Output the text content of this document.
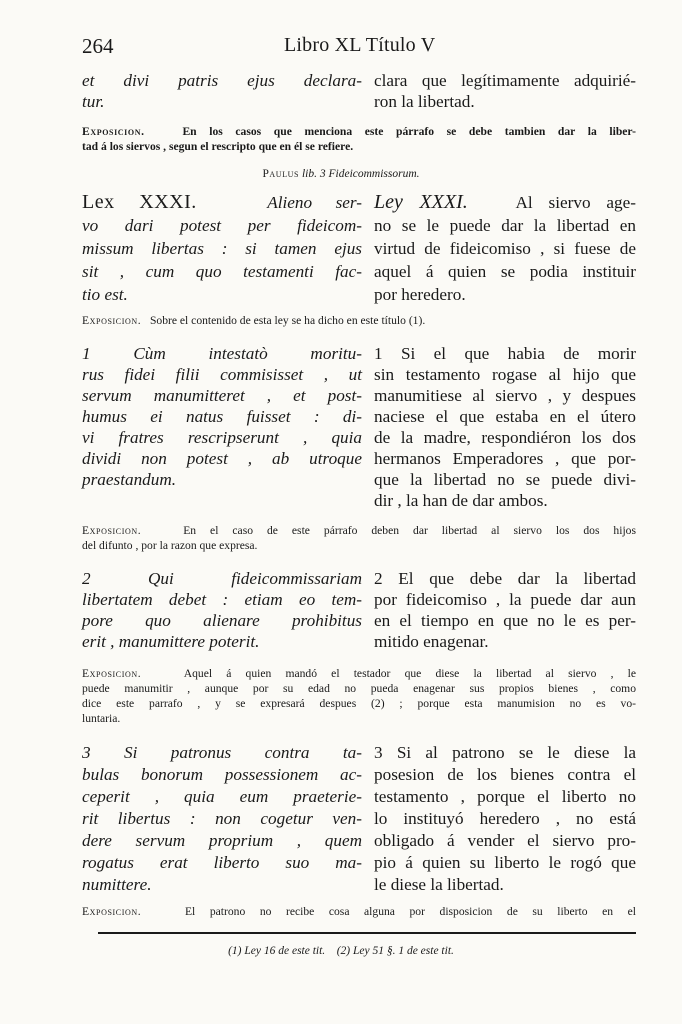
264	Libro XL Título V
et divi patris ejus declara-
tur.
clara que legítimamente adquirié-
ron la libertad.
Exposicion.	En los casos que menciona este párrafo se debe tambien dar la liber-
tad á los siervos , segun el rescripto que en él se refiere.
Paulus lib. 3 Fideicommissorum.
Lex XXXI.	Alieno ser-
vo dari potest per fideicom-
missum libertas : si tamen ejus
sit , cum quo testamenti fac-
tio est.
Ley XXXI.	Al siervo age-
no se le puede dar la libertad en
virtud de fideicomiso , si fuese de
aquel á quien se podia instituir
por heredero.
Exposicion. Sobre el contenido de esta ley se ha dicho en este título (1).
1 Cùm intestatò moritu-
rus fidei filii commisisset , ut
servum manumitteret , et post-
humus ei natus fuisset : di-
vi fratres rescripserunt , quia
dividi non potest , ab utroque
praestandum.
1 Si el que habia de morir
sin testamento rogase al hijo que
manumitiese al siervo , y despues
naciese el que estaba en el útero
de la madre, respondiéron los dos
hermanos Emperadores , que por-
que la libertad no se puede divi-
dir , la han de dar ambos.
Exposicion.	En el caso de este párrafo deben dar libertad al siervo los dos hijos
del difunto , por la razon que expresa.
2 Qui fideicommissariam
libertatem debet : etiam eo tem-
pore quo alienare prohibitus
erit , manumittere poterit.
2 El que debe dar la libertad
por fideicomiso , la puede dar aun
en el tiempo en que no le es per-
mitido enagenar.
Exposicion.	Aquel á quien mandó el testador que diese la libertad al siervo , le
puede manumitir , aunque por su edad no pueda enagenar sus propios bienes , como
dice este parrafo , y se expresará despues (2) ; porque esta manumision no es vo-
luntaria.
3 Si patronus contra ta-
bulas bonorum possessionem ac-
ceperit , quia eum praeterie-
rit libertus : non cogetur ven-
dere servum proprium , quem
rogatus erat liberto suo ma-
numittere.
3 Si al patrono se le diese la
posesion de los bienes contra el
testamento , porque el liberto no
lo instituyó heredero , no está
obligado á vender el siervo pro-
pio á quien su liberto le rogó que
le diese la libertad.
Exposicion.	El patrono no recibe cosa alguna por disposicion de su liberto en el
(1) Ley 16 de este tit. (2) Ley 51 §. 1 de este tit.
